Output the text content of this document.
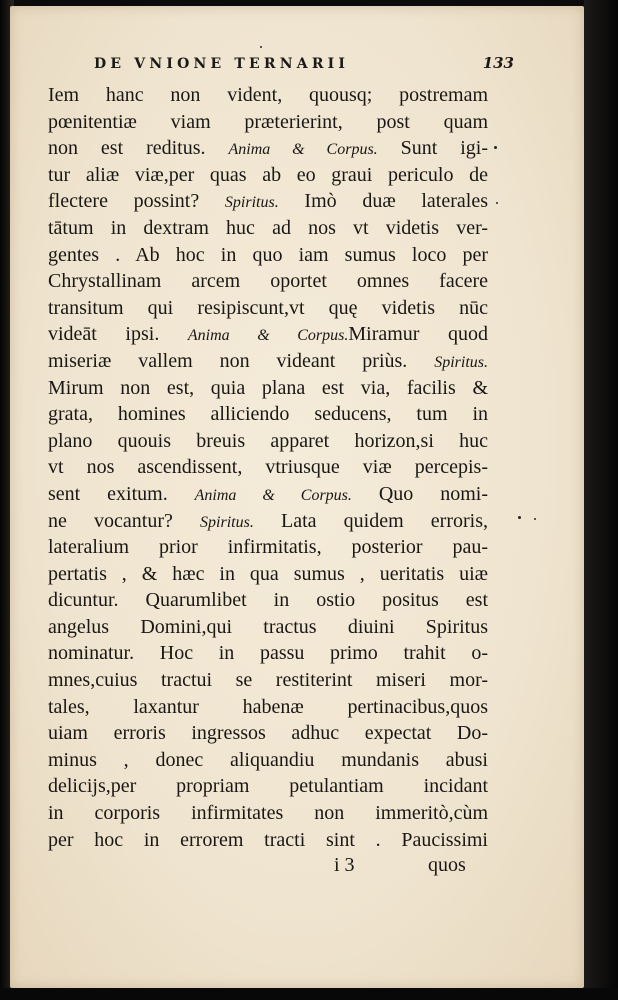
DE VNIONE TERNARII	133
Iem hanc non vident, quousq; postremam
pœnitentiæ viam præterierint, post quam
non est reditus. Anima & Corpus. Sunt igi-
tur aliæ viæ,per quas ab eo graui periculo de
flectere possint? Spiritus. Imò duæ laterales
tātum in dextram huc ad nos vt videtis ver-
gentes . Ab hoc in quo iam sumus loco per
Chrystallinam arcem oportet omnes facere
transitum qui resipiscunt,vt quę videtis nūc
videāt ipsi. Anima & Corpus.Miramur quod
miseriæ vallem non videant priùs. Spiritus.
Mirum non est, quia plana est via, facilis &
grata, homines alliciendo seducens, tum in
plano quouis breuis apparet horizon,si huc
vt nos ascendissent, vtriusque viæ percepis-
sent exitum. Anima & Corpus. Quo nomi-
ne vocantur? Spiritus. Lata quidem erroris,
lateralium prior infirmitatis, posterior pau-
pertatis , & hæc in qua sumus , ueritatis uiæ
dicuntur. Quarumlibet in ostio positus est
angelus Domini,qui tractus diuini Spiritus
nominatur. Hoc in passu primo trahit o-
mnes,cuius tractui se restiterint miseri mor-
tales, laxantur habenæ pertinacibus,quos
uiam erroris ingressos adhuc expectat Do-
minus , donec aliquandiu mundanis abusi
delicijs,per propriam petulantiam incidant
in corporis infirmitates non immeritò,cùm
per hoc in errorem tracti sint . Paucissimi
i 3	quos
